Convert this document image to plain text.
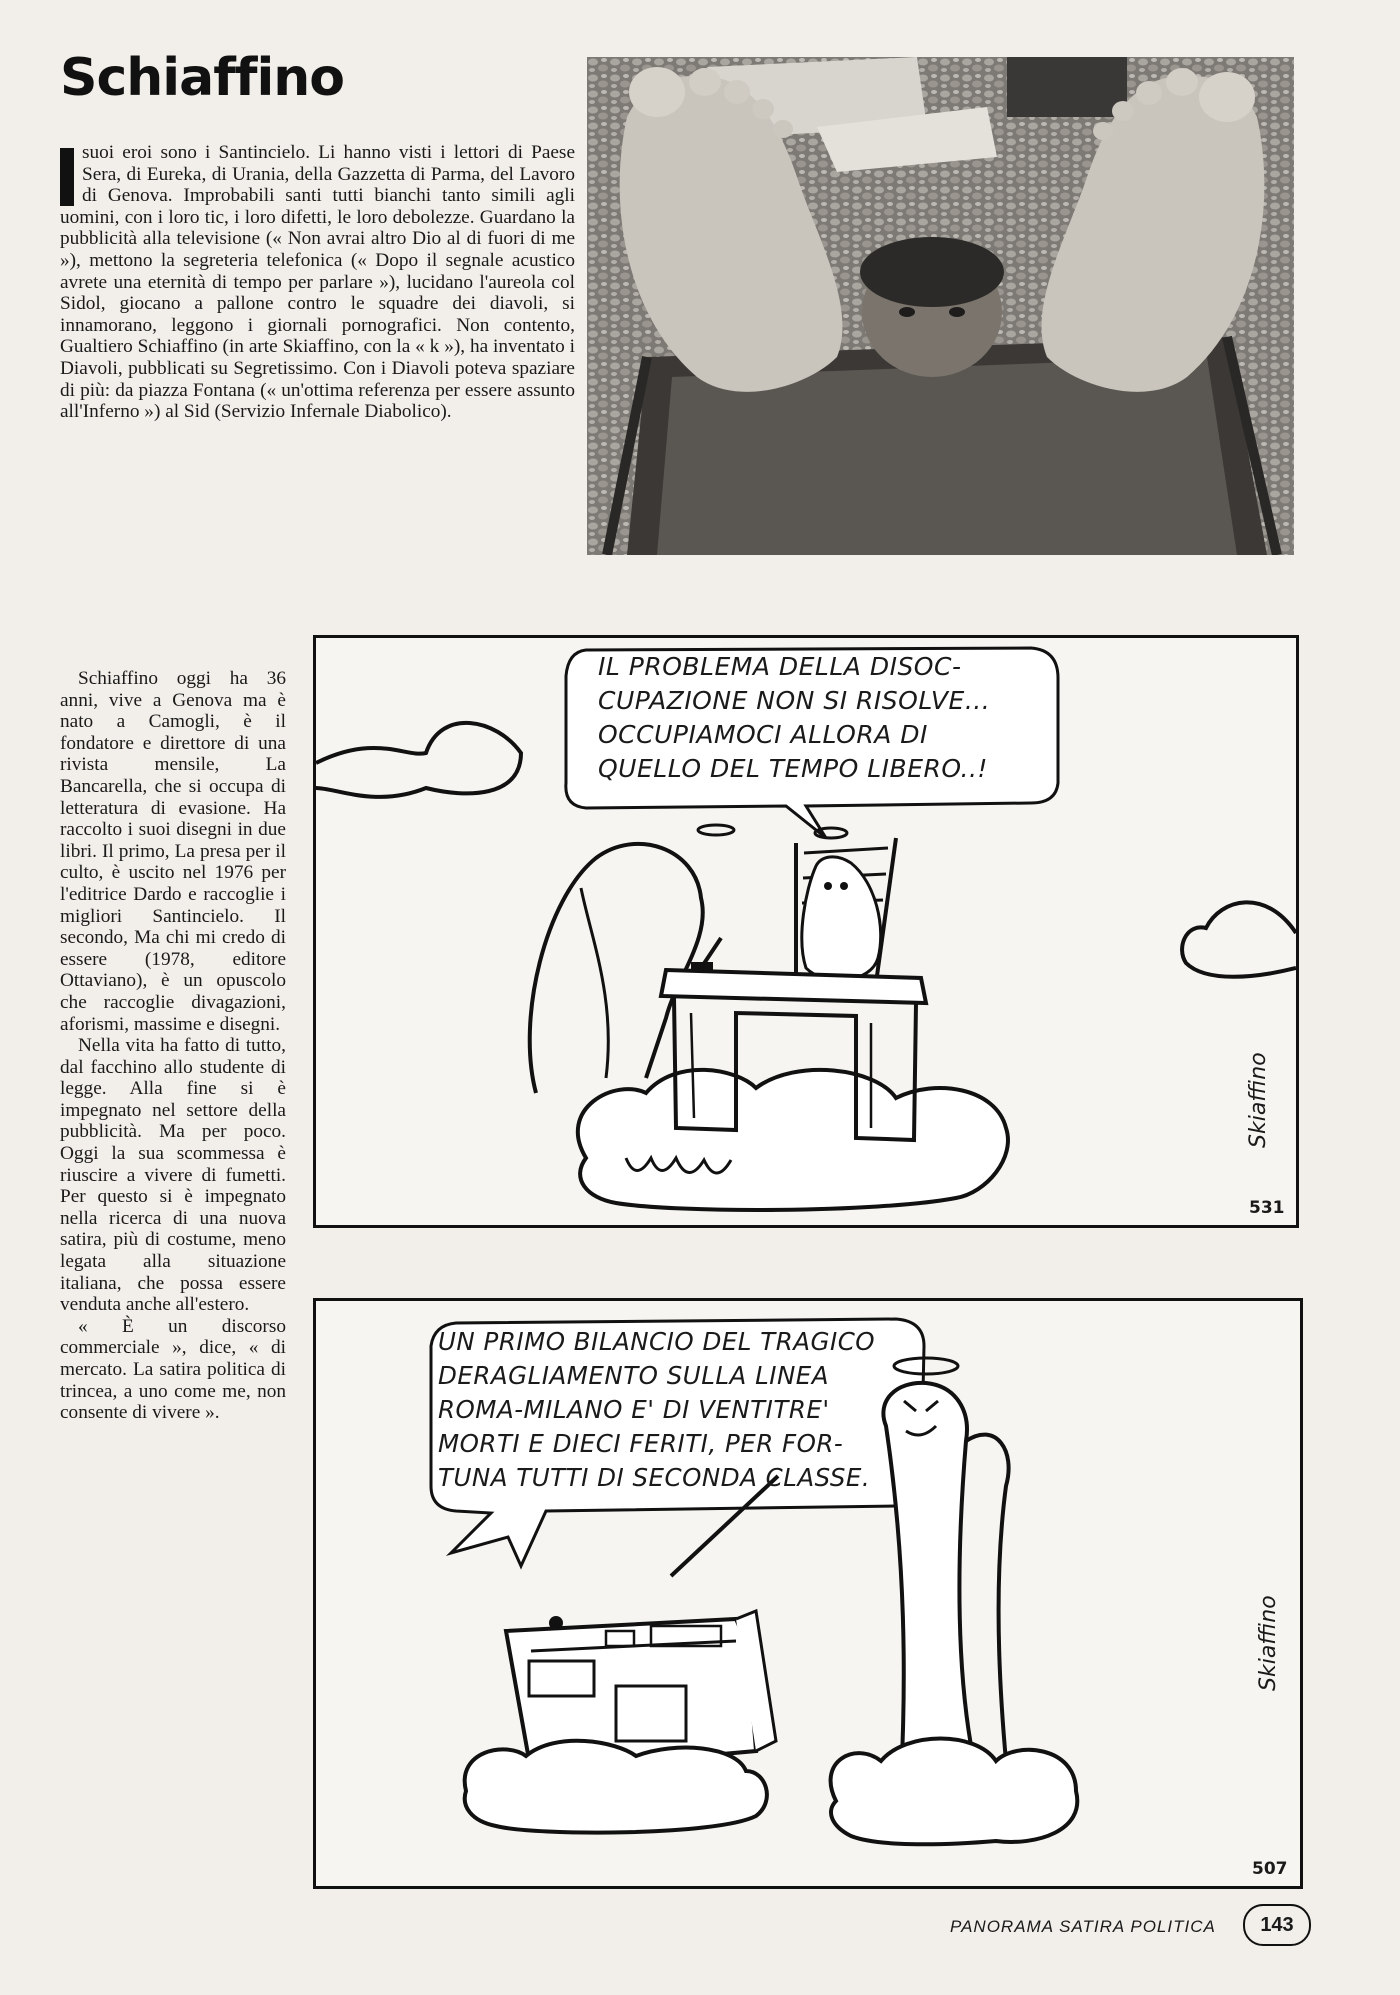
Schiaffino

suoi eroi sono i Santincielo. Li hanno visti i lettori di Paese Sera, di Eureka, di Urania, della Gazzetta di Parma, del Lavoro di Genova. Improbabili santi tutti bianchi tanto simili agli uomini, con i loro tic, i loro difetti, le loro debolezze. Guardano la pubblicità alla televisione (« Non avrai altro Dio al di fuori di me »), mettono la segreteria telefonica (« Dopo il segnale acustico avrete una eternità di tempo per parlare »), lucidano l'aureola col Sidol, giocano a pallone contro le squadre dei diavoli, si innamorano, leggono i giornali pornografici. Non contento, Gualtiero Schiaffino (in arte Skiaffino, con la « k »), ha inventato i Diavoli, pubblicati su Segretissimo. Con i Diavoli poteva spaziare di più: da piazza Fontana (« un'ottima referenza per essere assunto all'Inferno ») al Sid (Servizio Infernale Diabolico).

Schiaffino oggi ha 36 anni, vive a Genova ma è nato a Camogli, è il fondatore e direttore di una rivista mensile, La Bancarella, che si occupa di letteratura di evasione. Ha raccolto i suoi disegni in due libri. Il primo, La presa per il culto, è uscito nel 1976 per l'editrice Dardo e raccoglie i migliori Santincielo. Il secondo, Ma chi mi credo di essere (1978, editore Ottaviano), è un opuscolo che raccoglie divagazioni, aforismi, massime e disegni.

Nella vita ha fatto di tutto, dal facchino allo studente di legge. Alla fine si è impegnato nel settore della pubblicità. Ma per poco. Oggi la sua scommessa è riuscire a vivere di fumetti. Per questo si è impegnato nella ricerca di una nuova satira, più di costume, meno legata alla situazione italiana, che possa essere venduta anche all'estero.

« È un discorso commerciale », dice, « di mercato. La satira politica di trincea, a uno come me, non consente di vivere ».

IL PROBLEMA DELLA DISOC-
CUPAZIONE NON SI RISOLVE...
OCCUPIAMOCI ALLORA DI
QUELLO DEL TEMPO LIBERO..!
Skiaffino
531
UN PRIMO BILANCIO DEL TRAGICO
DERAGLIAMENTO SULLA LINEA
ROMA-MILANO E' DI VENTITRE'
MORTI E DIECI FERITI, PER FOR-
TUNA TUTTI DI SECONDA CLASSE.
Skiaffino
507
PANORAMA SATIRA POLITICA	143
